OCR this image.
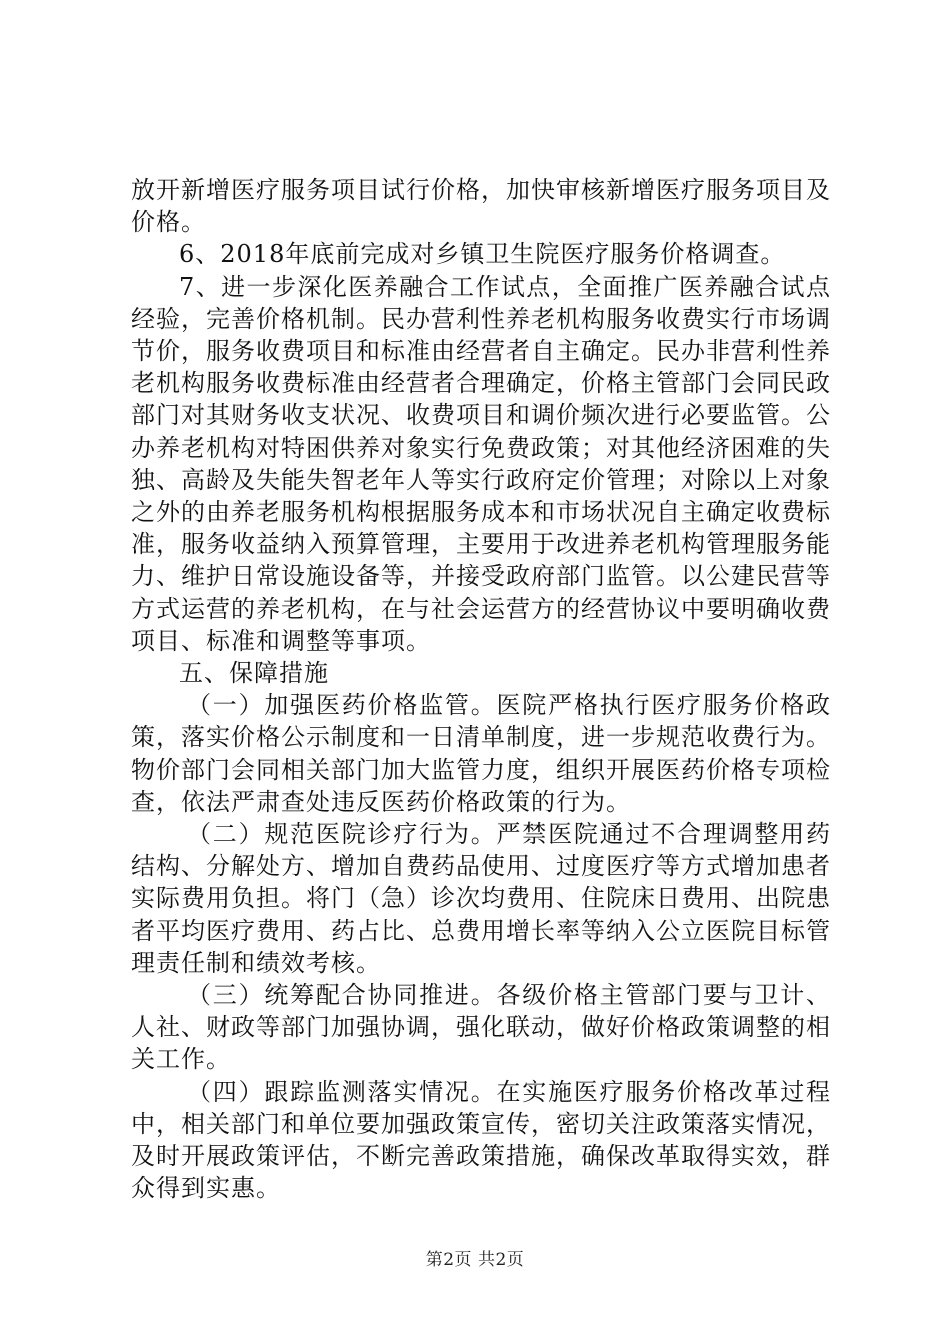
放开新增医疗服务项目试行价格，加快审核新增医疗服务项目及价格。

6、2018年底前完成对乡镇卫生院医疗服务价格调查。

7、进一步深化医养融合工作试点，全面推广医养融合试点经验，完善价格机制。民办营利性养老机构服务收费实行市场调节价，服务收费项目和标准由经营者自主确定。民办非营利性养老机构服务收费标准由经营者合理确定，价格主管部门会同民政部门对其财务收支状况、收费项目和调价频次进行必要监管。公办养老机构对特困供养对象实行免费政策；对其他经济困难的失独、高龄及失能失智老年人等实行政府定价管理；对除以上对象之外的由养老服务机构根据服务成本和市场状况自主确定收费标准，服务收益纳入预算管理，主要用于改进养老机构管理服务能力、维护日常设施设备等，并接受政府部门监管。以公建民营等方式运营的养老机构，在与社会运营方的经营协议中要明确收费项目、标准和调整等事项。

五、保障措施

（一）加强医药价格监管。医院严格执行医疗服务价格政策，落实价格公示制度和一日清单制度，进一步规范收费行为。物价部门会同相关部门加大监管力度，组织开展医药价格专项检查，依法严肃查处违反医药价格政策的行为。

（二）规范医院诊疗行为。严禁医院通过不合理调整用药结构、分解处方、增加自费药品使用、过度医疗等方式增加患者实际费用负担。将门（急）诊次均费用、住院床日费用、出院患者平均医疗费用、药占比、总费用增长率等纳入公立医院目标管理责任制和绩效考核。

（三）统筹配合协同推进。各级价格主管部门要与卫计、人社、财政等部门加强协调，强化联动，做好价格政策调整的相关工作。

（四）跟踪监测落实情况。在实施医疗服务价格改革过程中，相关部门和单位要加强政策宣传，密切关注政策落实情况，及时开展政策评估，不断完善政策措施，确保改革取得实效，群众得到实惠。

第2页 共2页
